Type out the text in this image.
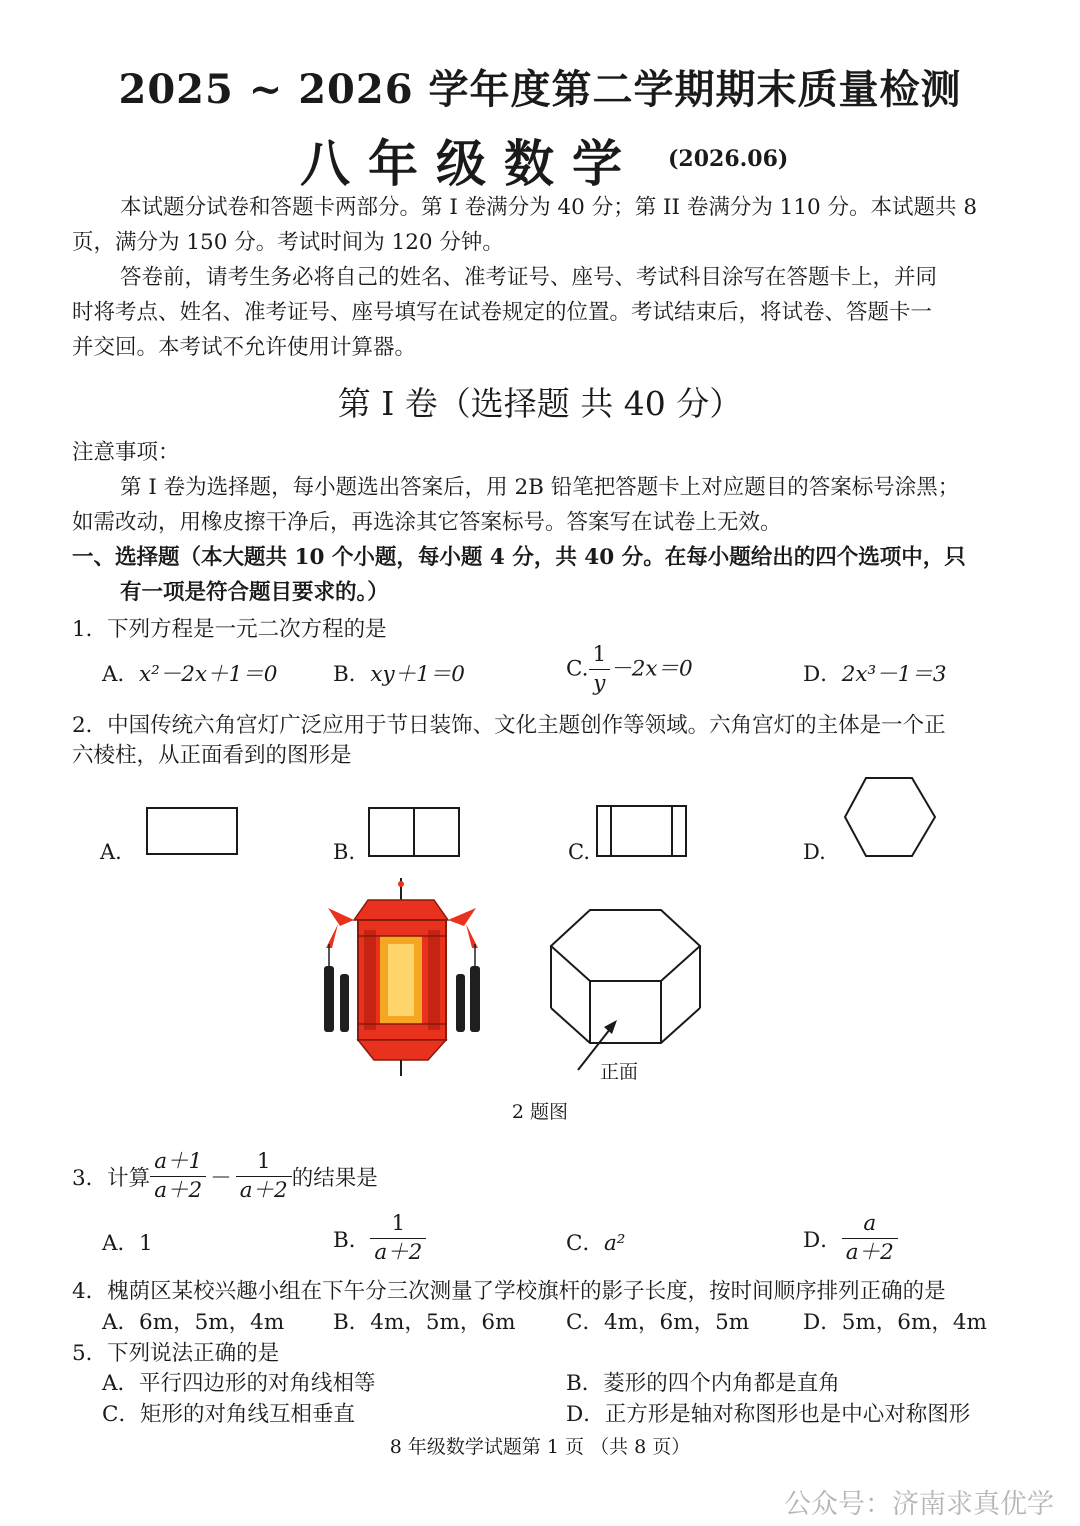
2025 ~ 2026 学年度第二学期期末质量检测
八年级数学 (2026.06)
本试题分试卷和答题卡两部分。第 I 卷满分为 40 分；第 II 卷满分为 110 分。本试题共 8
页，满分为 150 分。考试时间为 120 分钟。
答卷前，请考生务必将自己的姓名、准考证号、座号、考试科目涂写在答题卡上，并同
时将考点、姓名、准考证号、座号填写在试卷规定的位置。考试结束后，将试卷、答题卡一
并交回。本考试不允许使用计算器。
第 I 卷（选择题 共 40 分）
注意事项：
第 I 卷为选择题，每小题选出答案后，用 2B 铅笔把答题卡上对应题目的答案标号涂黑；
如需改动，用橡皮擦干净后，再选涂其它答案标号。答案写在试卷上无效。
一、选择题（本大题共 10 个小题，每小题 4 分，共 40 分。在每小题给出的四个选项中，只
有一项是符合题目要求的。）
1．下列方程是一元二次方程的是
A．x²－2x＋1＝0	B．xy＋1＝0	C. $\frac{1}{y} -2x=0$	D．2x³－1＝3
2．中国传统六角宫灯广泛应用于节日装饰、文化主题创作等领域。六角宫灯的主体是一个正
六棱柱，从正面看到的图形是
A.	B.	C.	D.
正面
2 题图
3．计算 $\frac{a+1}{a+2} - \frac{1}{a+2}$ 的结果是
A．1	B． $\frac{1}{a+2}$	C．a²	D． $\frac{a}{a+2}$
4．槐荫区某校兴趣小组在下午分三次测量了学校旗杆的影子长度，按时间顺序排列正确的是
A．6m，5m，4m B．4m，5m，6m C．4m，6m，5m	D．5m，6m，4m
5．下列说法正确的是
A．平行四边形的对角线相等	B．菱形的四个内角都是直角
C．矩形的对角线互相垂直	D．正方形是轴对称图形也是中心对称图形
8 年级数学试题第 1 页 （共 8 页）
公众号：济南求真优学
